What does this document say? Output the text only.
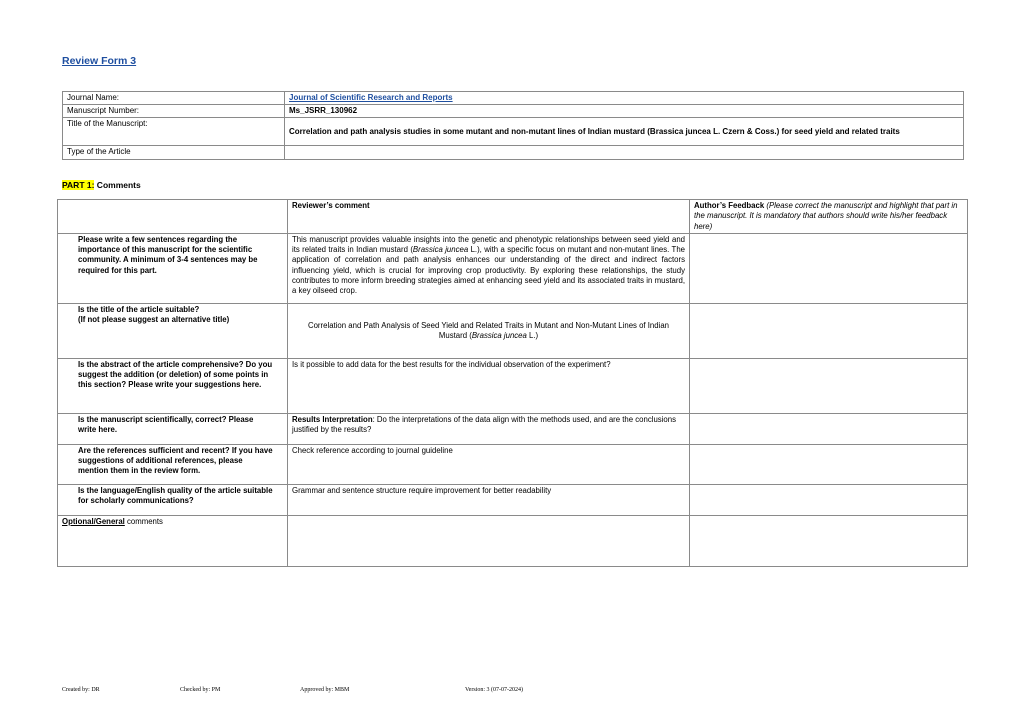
Review Form 3
Journal Name:	Journal of Scientific Research and Reports
Manuscript Number:	Ms_JSRR_130962
Title of the Manuscript:	Correlation and path analysis studies in some mutant and non-mutant lines of Indian mustard (Brassica juncea L. Czern & Coss.) for seed yield and related traits
Type of the Article	
PART 1: Comments
	Reviewer’s comment	Author’s Feedback (Please correct the manuscript and highlight that part in the manuscript. It is mandatory that authors should write his/her feedback here)
Please write a few sentences regarding the importance of this manuscript for the scientific community. A minimum of 3-4 sentences may be required for this part.	This manuscript provides valuable insights into the genetic and phenotypic relationships between seed yield and its related traits in Indian mustard (Brassica juncea L.), with a specific focus on mutant and non-mutant lines. The application of correlation and path analysis enhances our understanding of the direct and indirect factors influencing yield, which is crucial for improving crop productivity. By exploring these relationships, the study contributes to more inform breeding strategies aimed at enhancing seed yield and its associated traits in mustard, a key oilseed crop.	
Is the title of the article suitable?
(If not please suggest an alternative title)	Correlation and Path Analysis of Seed Yield and Related Traits in Mutant and Non-Mutant Lines of Indian Mustard (Brassica juncea L.)	
Is the abstract of the article comprehensive? Do you suggest the addition (or deletion) of some points in this section? Please write your suggestions here.	Is it possible to add data for the best results for the individual observation of the experiment?	
Is the manuscript scientifically, correct? Please write here.	Results Interpretation: Do the interpretations of the data align with the methods used, and are the conclusions justified by the results?	
Are the references sufficient and recent? If you have suggestions of additional references, please mention them in the review form.	Check reference according to journal guideline	
Is the language/English quality of the article suitable for scholarly communications?	Grammar and sentence structure require improvement for better readability	
Optional/General comments		
Created by: DR	Checked by: PM	Approved by: MBM	Version: 3 (07-07-2024)
